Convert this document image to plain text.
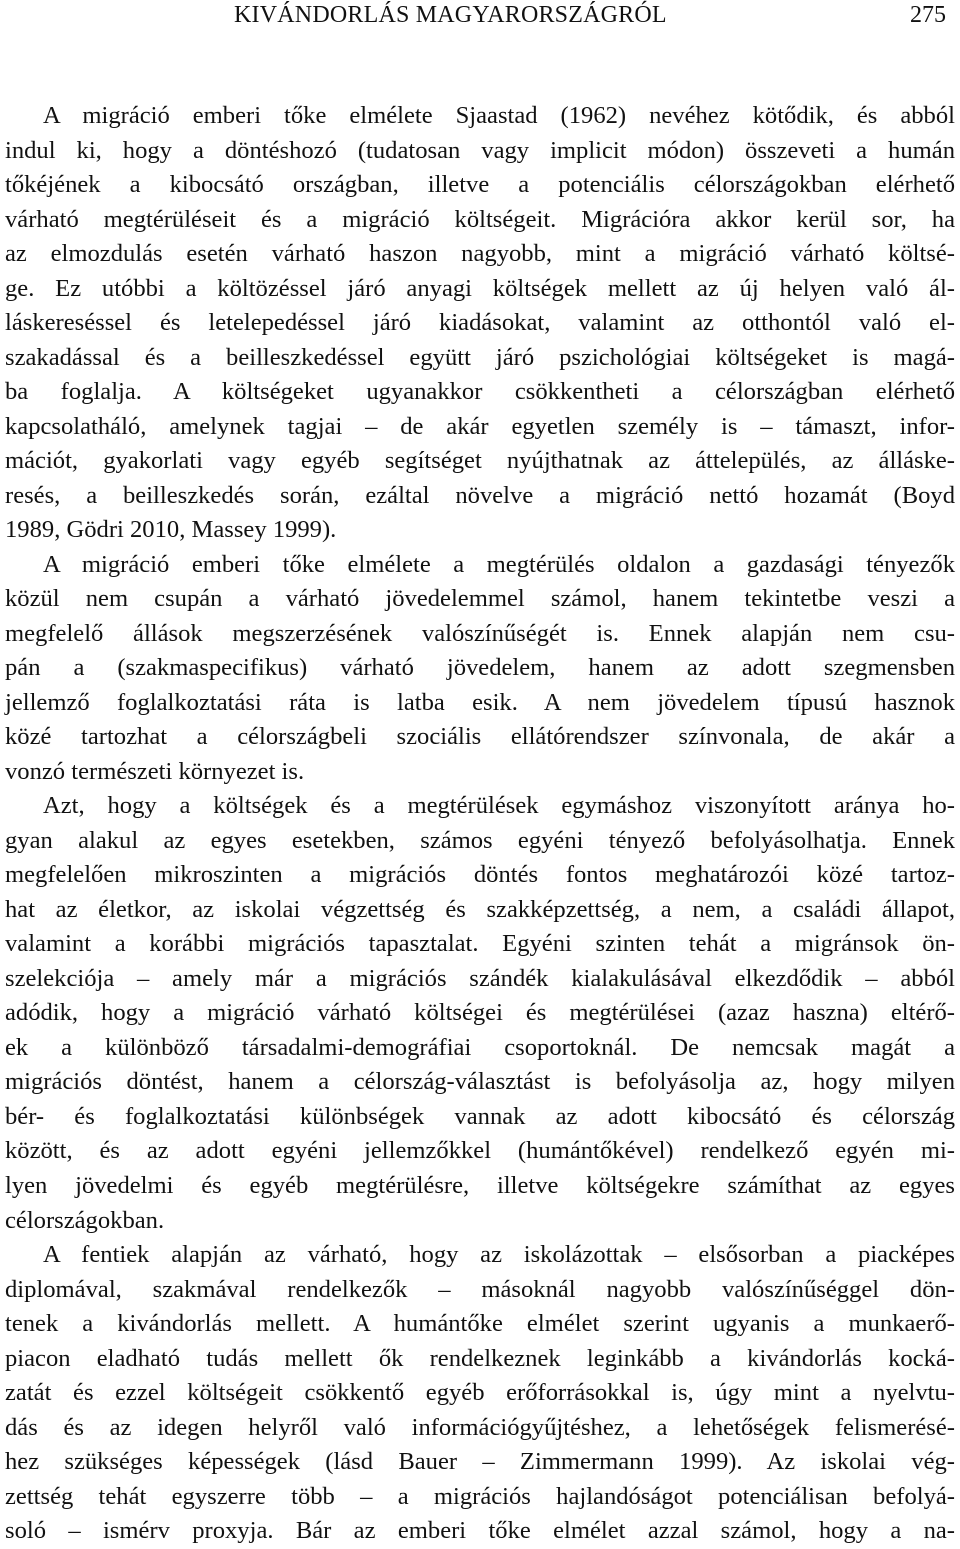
KIVÁNDORLÁS MAGYARORSZÁGRÓL	275

A migráció emberi tőke elmélete Sjaastad (1962) nevéhez kötődik, és abból
indul ki, hogy a döntéshozó (tudatosan vagy implicit módon) összeveti a humán
tőkéjének a kibocsátó országban, illetve a potenciális célországokban elérhető
várható megtérüléseit és a migráció költségeit. Migrációra akkor kerül sor, ha
az elmozdulás esetén várható haszon nagyobb, mint a migráció várható költsé-
ge. Ez utóbbi a költözéssel járó anyagi költségek mellett az új helyen való ál-
láskereséssel és letelepedéssel járó kiadásokat, valamint az otthontól való el-
szakadással és a beilleszkedéssel együtt járó pszichológiai költségeket is magá-
ba foglalja. A költségeket ugyanakkor csökkentheti a célországban elérhető
kapcsolatháló, amelynek tagjai – de akár egyetlen személy is – támaszt, infor-
mációt, gyakorlati vagy egyéb segítséget nyújthatnak az áttelepülés, az álláske-
resés, a beilleszkedés során, ezáltal növelve a migráció nettó hozamát (Boyd
1989, Gödri 2010, Massey 1999).

A migráció emberi tőke elmélete a megtérülés oldalon a gazdasági tényezők
közül nem csupán a várható jövedelemmel számol, hanem tekintetbe veszi a
megfelelő állások megszerzésének valószínűségét is. Ennek alapján nem csu-
pán a (szakmaspecifikus) várható jövedelem, hanem az adott szegmensben
jellemző foglalkoztatási ráta is latba esik. A nem jövedelem típusú hasznok
közé tartozhat a célországbeli szociális ellátórendszer színvonala, de akár a
vonzó természeti környezet is.

Azt, hogy a költségek és a megtérülések egymáshoz viszonyított aránya ho-
gyan alakul az egyes esetekben, számos egyéni tényező befolyásolhatja. Ennek
megfelelően mikroszinten a migrációs döntés fontos meghatározói közé tartoz-
hat az életkor, az iskolai végzettség és szakképzettség, a nem, a családi állapot,
valamint a korábbi migrációs tapasztalat. Egyéni szinten tehát a migránsok ön-
szelekciója – amely már a migrációs szándék kialakulásával elkezdődik – abból
adódik, hogy a migráció várható költségei és megtérülései (azaz haszna) eltérő-
ek a különböző társadalmi-demográfiai csoportoknál. De nemcsak magát a
migrációs döntést, hanem a célország-választást is befolyásolja az, hogy milyen
bér- és foglalkoztatási különbségek vannak az adott kibocsátó és célország
között, és az adott egyéni jellemzőkkel (humántőkével) rendelkező egyén mi-
lyen jövedelmi és egyéb megtérülésre, illetve költségekre számíthat az egyes
célországokban.

A fentiek alapján az várható, hogy az iskolázottak – elsősorban a piacképes
diplomával, szakmával rendelkezők – másoknál nagyobb valószínűséggel dön-
tenek a kivándorlás mellett. A humántőke elmélet szerint ugyanis a munkaerő-
piacon eladható tudás mellett ők rendelkeznek leginkább a kivándorlás kocká-
zatát és ezzel költségeit csökkentő egyéb erőforrásokkal is, úgy mint a nyelvtu-
dás és az idegen helyről való információgyűjtéshez, a lehetőségek felismerésé-
hez szükséges képességek (lásd Bauer – Zimmermann 1999). Az iskolai vég-
zettség tehát egyszerre több – a migrációs hajlandóságot potenciálisan befolyá-
soló – ismérv proxyja. Bár az emberi tőke elmélet azzal számol, hogy a na-
